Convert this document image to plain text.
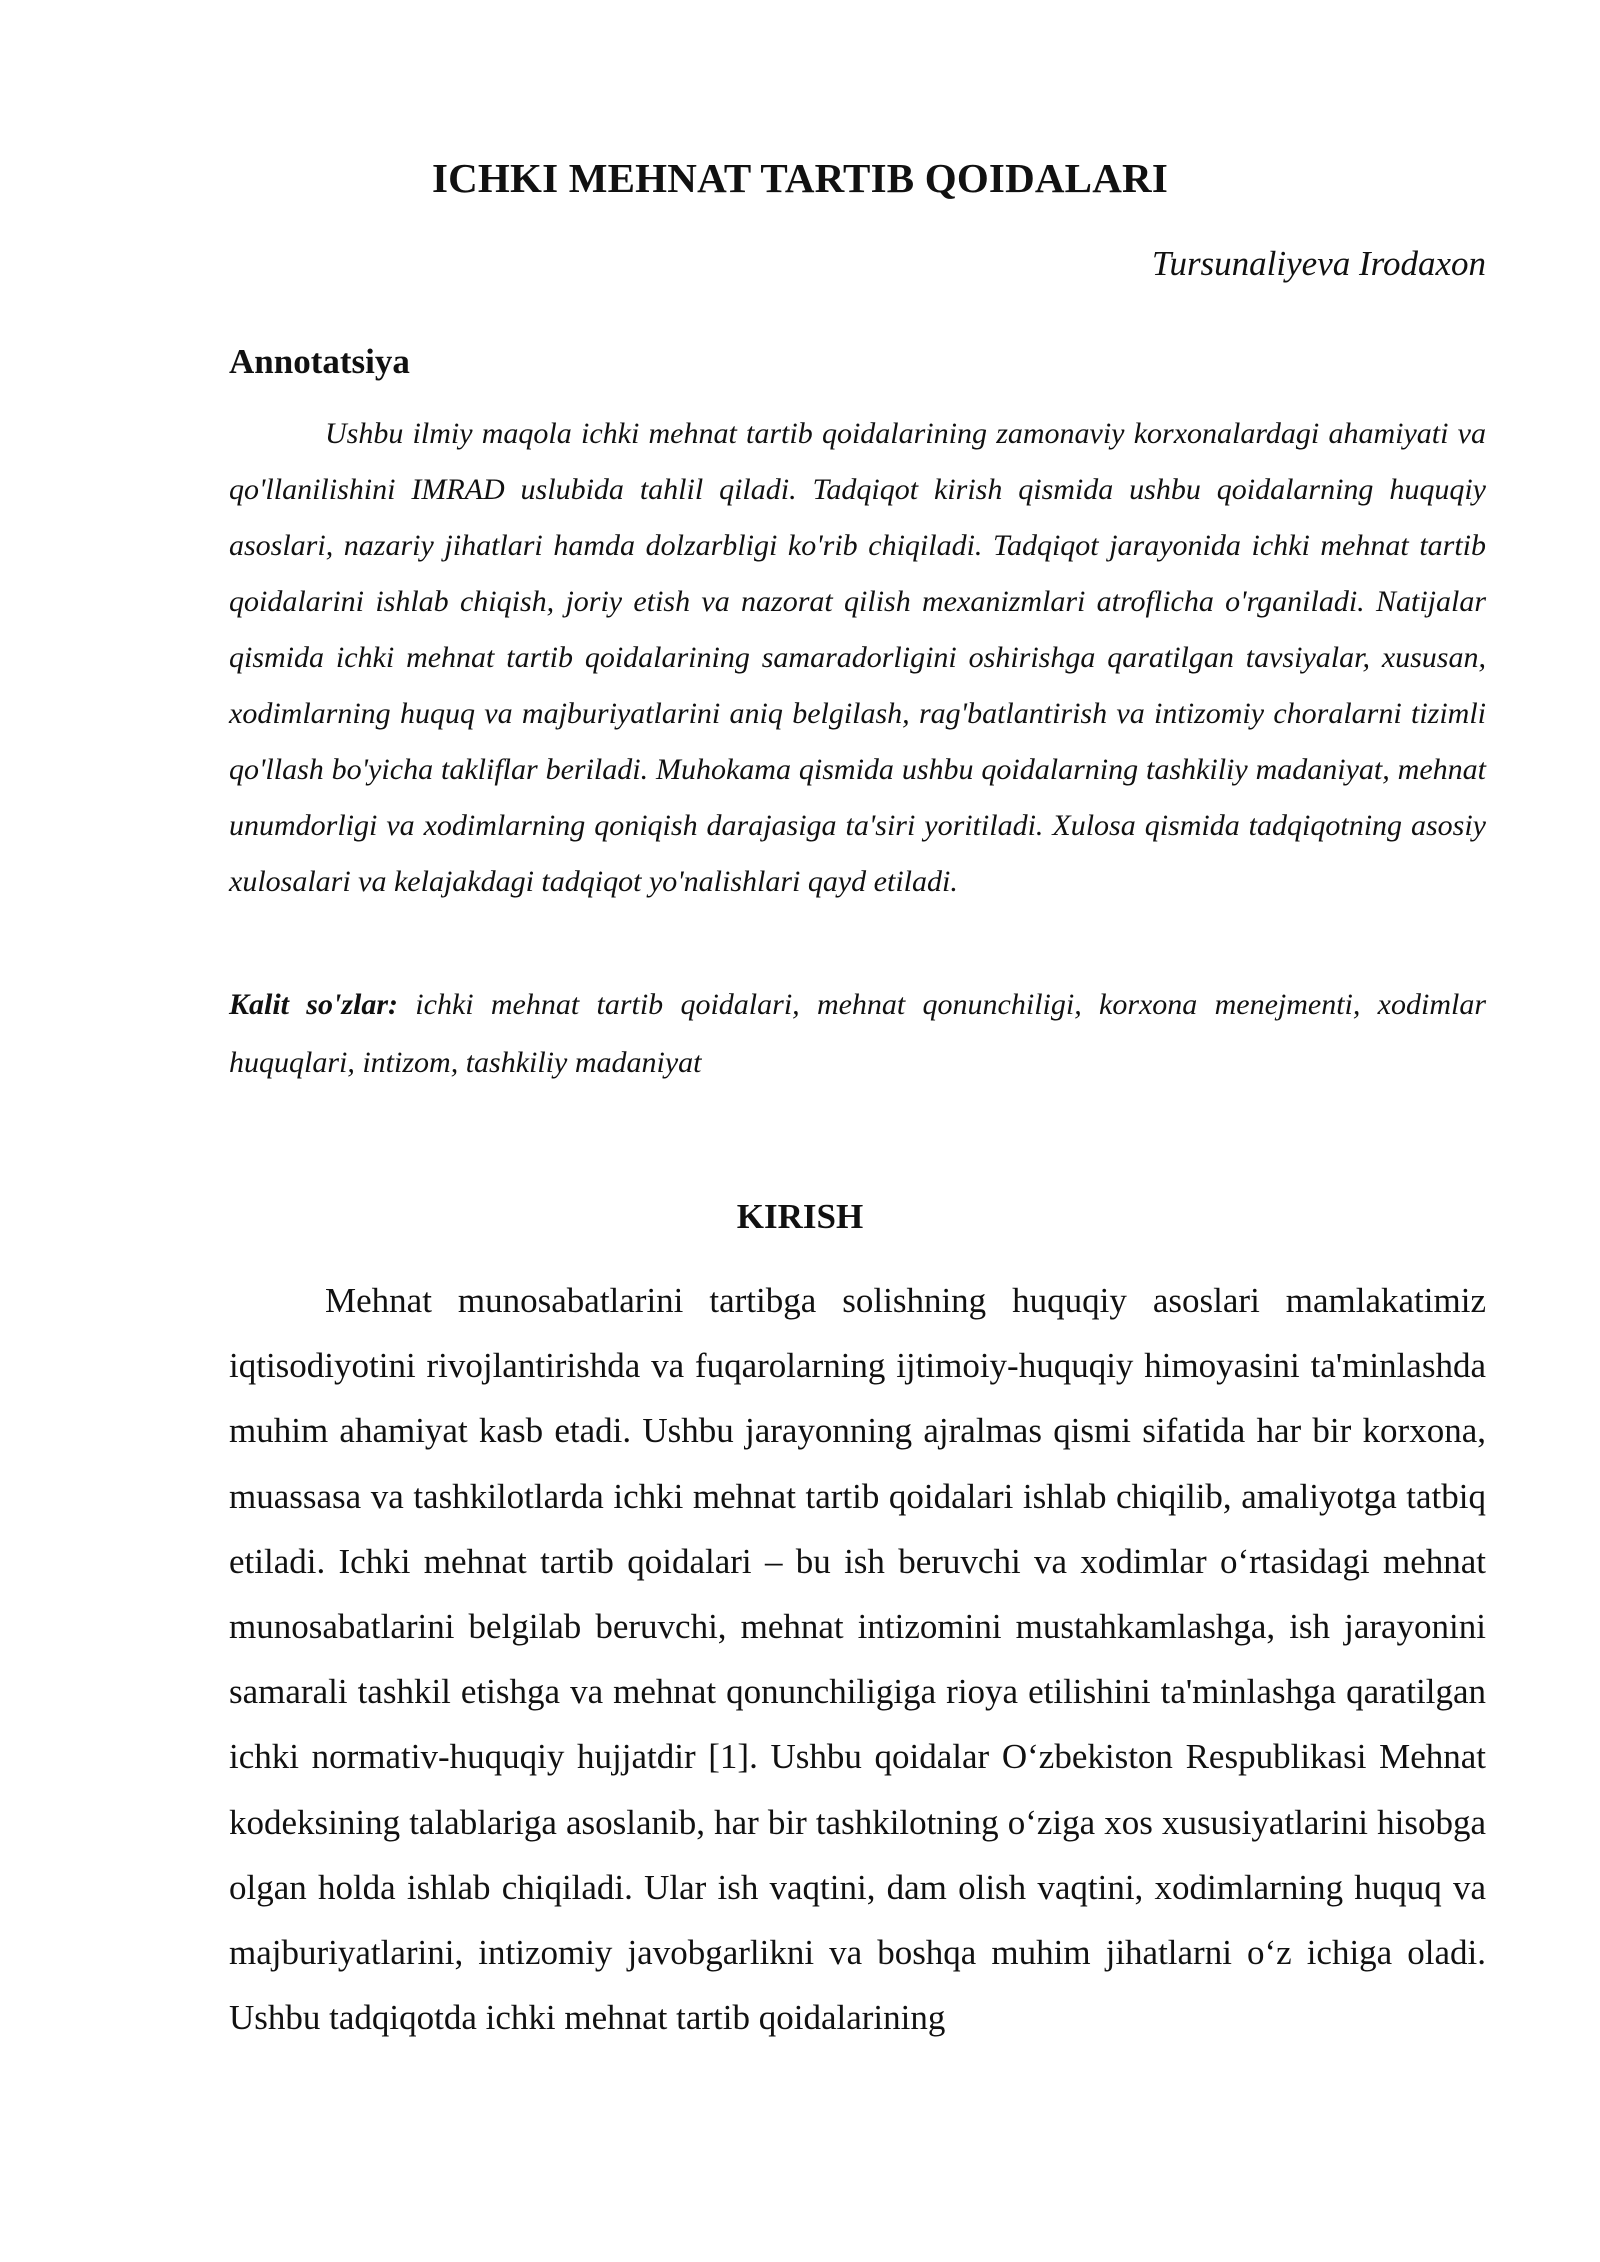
ICHKI MEHNAT TARTIB QOIDALARI
Tursunaliyeva Irodaxon
Annotatsiya

Ushbu ilmiy maqola ichki mehnat tartib qoidalarining zamonaviy korxonalardagi ahamiyati va qo'llanilishini IMRAD uslubida tahlil qiladi. Tadqiqot kirish qismida ushbu qoidalarning huquqiy asoslari, nazariy jihatlari hamda dolzarbligi ko'rib chiqiladi. Tadqiqot jarayonida ichki mehnat tartib qoidalarini ishlab chiqish, joriy etish va nazorat qilish mexanizmlari atroflicha o'rganiladi. Natijalar qismida ichki mehnat tartib qoidalarining samaradorligini oshirishga qaratilgan tavsiyalar, xususan, xodimlarning huquq va majburiyatlarini aniq belgilash, rag'batlantirish va intizomiy choralarni tizimli qo'llash bo'yicha takliflar beriladi. Muhokama qismida ushbu qoidalarning tashkiliy madaniyat, mehnat unumdorligi va xodimlarning qoniqish darajasiga ta'siri yoritiladi. Xulosa qismida tadqiqotning asosiy xulosalari va kelajakdagi tadqiqot yo'nalishlari qayd etiladi.

Kalit so'zlar: ichki mehnat tartib qoidalari, mehnat qonunchiligi, korxona menejmenti, xodimlar huquqlari, intizom, tashkiliy madaniyat

KIRISH

Mehnat munosabatlarini tartibga solishning huquqiy asoslari mamlakatimiz iqtisodiyotini rivojlantirishda va fuqarolarning ijtimoiy-huquqiy himoyasini ta'minlashda muhim ahamiyat kasb etadi. Ushbu jarayonning ajralmas qismi sifatida har bir korxona, muassasa va tashkilotlarda ichki mehnat tartib qoidalari ishlab chiqilib, amaliyotga tatbiq etiladi. Ichki mehnat tartib qoidalari – bu ish beruvchi va xodimlar o‘rtasidagi mehnat munosabatlarini belgilab beruvchi, mehnat intizomini mustahkamlashga, ish jarayonini samarali tashkil etishga va mehnat qonunchiligiga rioya etilishini ta'minlashga qaratilgan ichki normativ-huquqiy hujjatdir [1]. Ushbu qoidalar O‘zbekiston Respublikasi Mehnat kodeksining talablariga asoslanib, har bir tashkilotning o‘ziga xos xususiyatlarini hisobga olgan holda ishlab chiqiladi. Ular ish vaqtini, dam olish vaqtini, xodimlarning huquq va majburiyatlarini, intizomiy javobgarlikni va boshqa muhim jihatlarni o‘z ichiga oladi. Ushbu tadqiqotda ichki mehnat tartib qoidalarining
